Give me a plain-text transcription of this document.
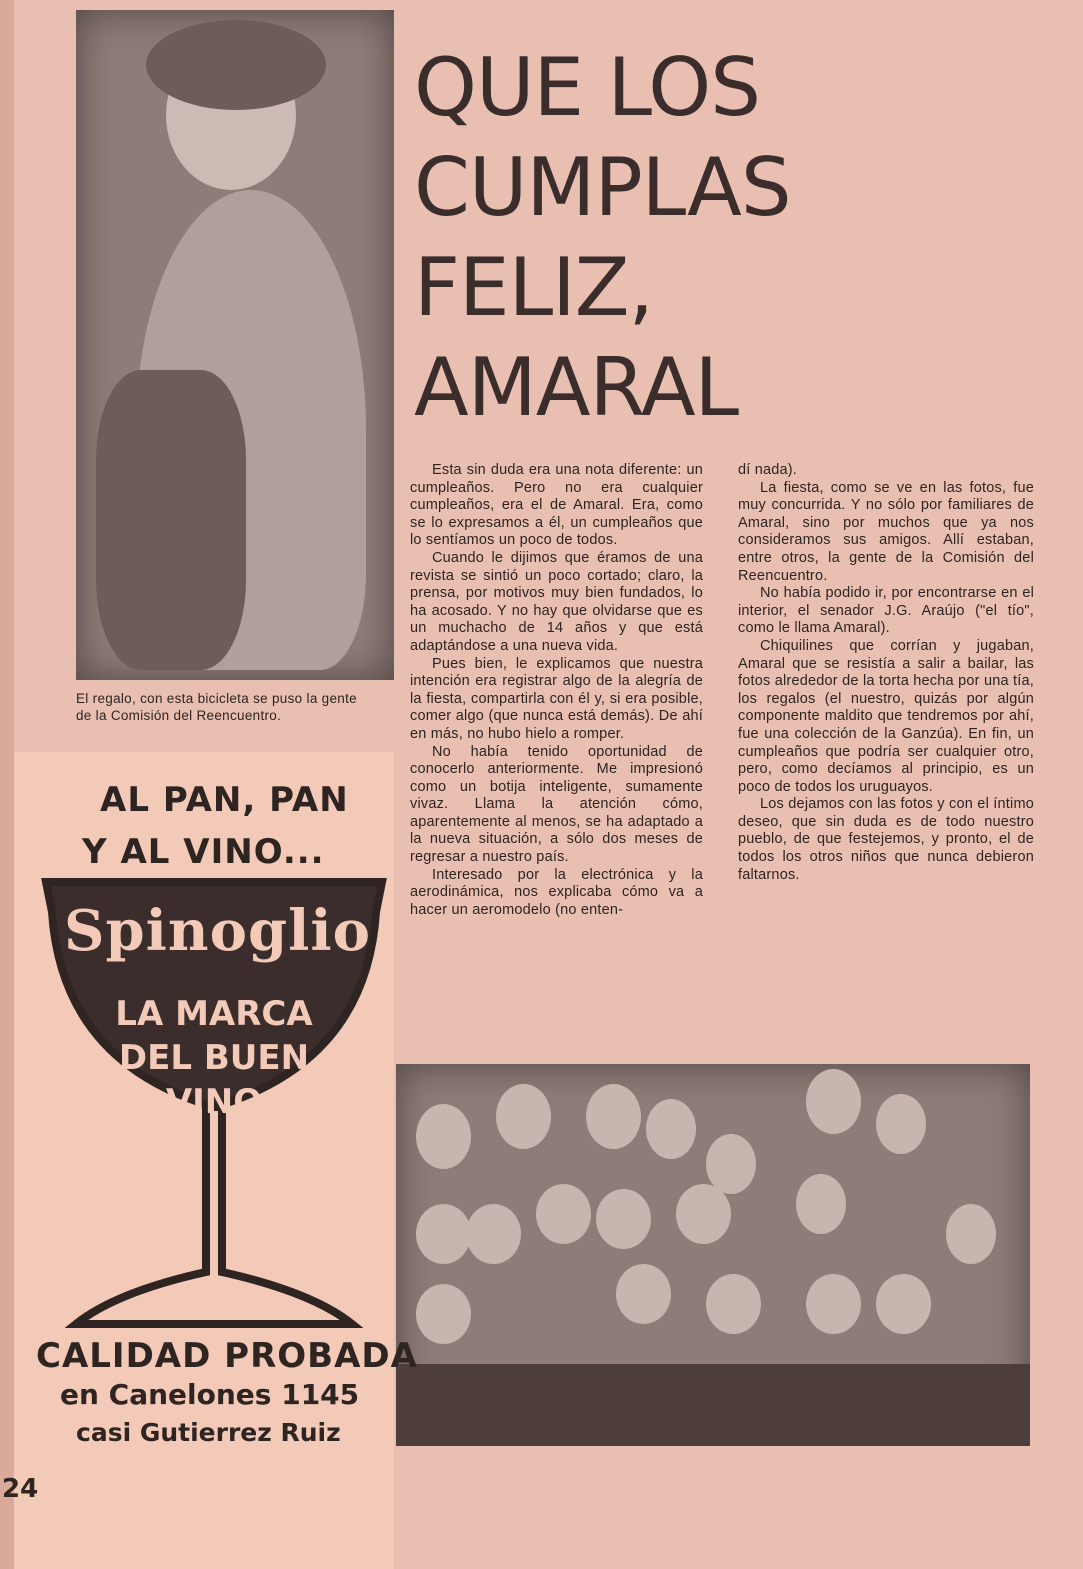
El regalo, con esta bicicleta se puso la gente de la Comisión del Reencuentro.
QUE LOS
CUMPLAS
FELIZ,
AMARAL

Esta sin duda era una nota diferente: un cumpleaños. Pero no era cualquier cumpleaños, era el de Amaral. Era, como se lo expresamos a él, un cumpleaños que lo sentíamos un poco de todos.

Cuando le dijimos que éramos de una revista se sintió un poco cortado; claro, la prensa, por motivos muy bien fundados, lo ha acosado. Y no hay que olvidarse que es un muchacho de 14 años y que está adaptándose a una nueva vida.

Pues bien, le explicamos que nuestra intención era registrar algo de la alegría de la fiesta, compartirla con él y, si era posible, comer algo (que nunca está demás). De ahí en más, no hubo hielo a romper.

No había tenido oportunidad de conocerlo anteriormente. Me impresionó como un botija inteligente, sumamente vivaz. Llama la atención cómo, aparentemente al menos, se ha adaptado a la nueva situación, a sólo dos meses de regresar a nuestro país.

Interesado por la electrónica y la aerodinámica, nos explicaba cómo va a hacer un aeromodelo (no enten-

dí nada).

La fiesta, como se ve en las fotos, fue muy concurrida. Y no sólo por familiares de Amaral, sino por muchos que ya nos consideramos sus amigos. Allí estaban, entre otros, la gente de la Comisión del Reencuentro.

No había podido ir, por encontrarse en el interior, el senador J.G. Araújo ("el tío", como le llama Amaral).

Chiquilines que corrían y jugaban, Amaral que se resistía a salir a bailar, las fotos alrededor de la torta hecha por una tía, los regalos (el nuestro, quizás por algún componente maldito que tendremos por ahí, fue una colección de la Ganzúa). En fin, un cumpleaños que podría ser cualquier otro, pero, como decíamos al principio, es un poco de todos los uruguayos.

Los dejamos con las fotos y con el íntimo deseo, que sin duda es de todo nuestro pueblo, de que festejemos, y pronto, el de todos los otros niños que nunca debieron faltarnos.

AL PAN, PAN
Y AL VINO...
Spinoglio
LA MARCA
DEL BUEN
VINO
CALIDAD PROBADA
en Canelones 1145
casi Gutierrez Ruiz
24
